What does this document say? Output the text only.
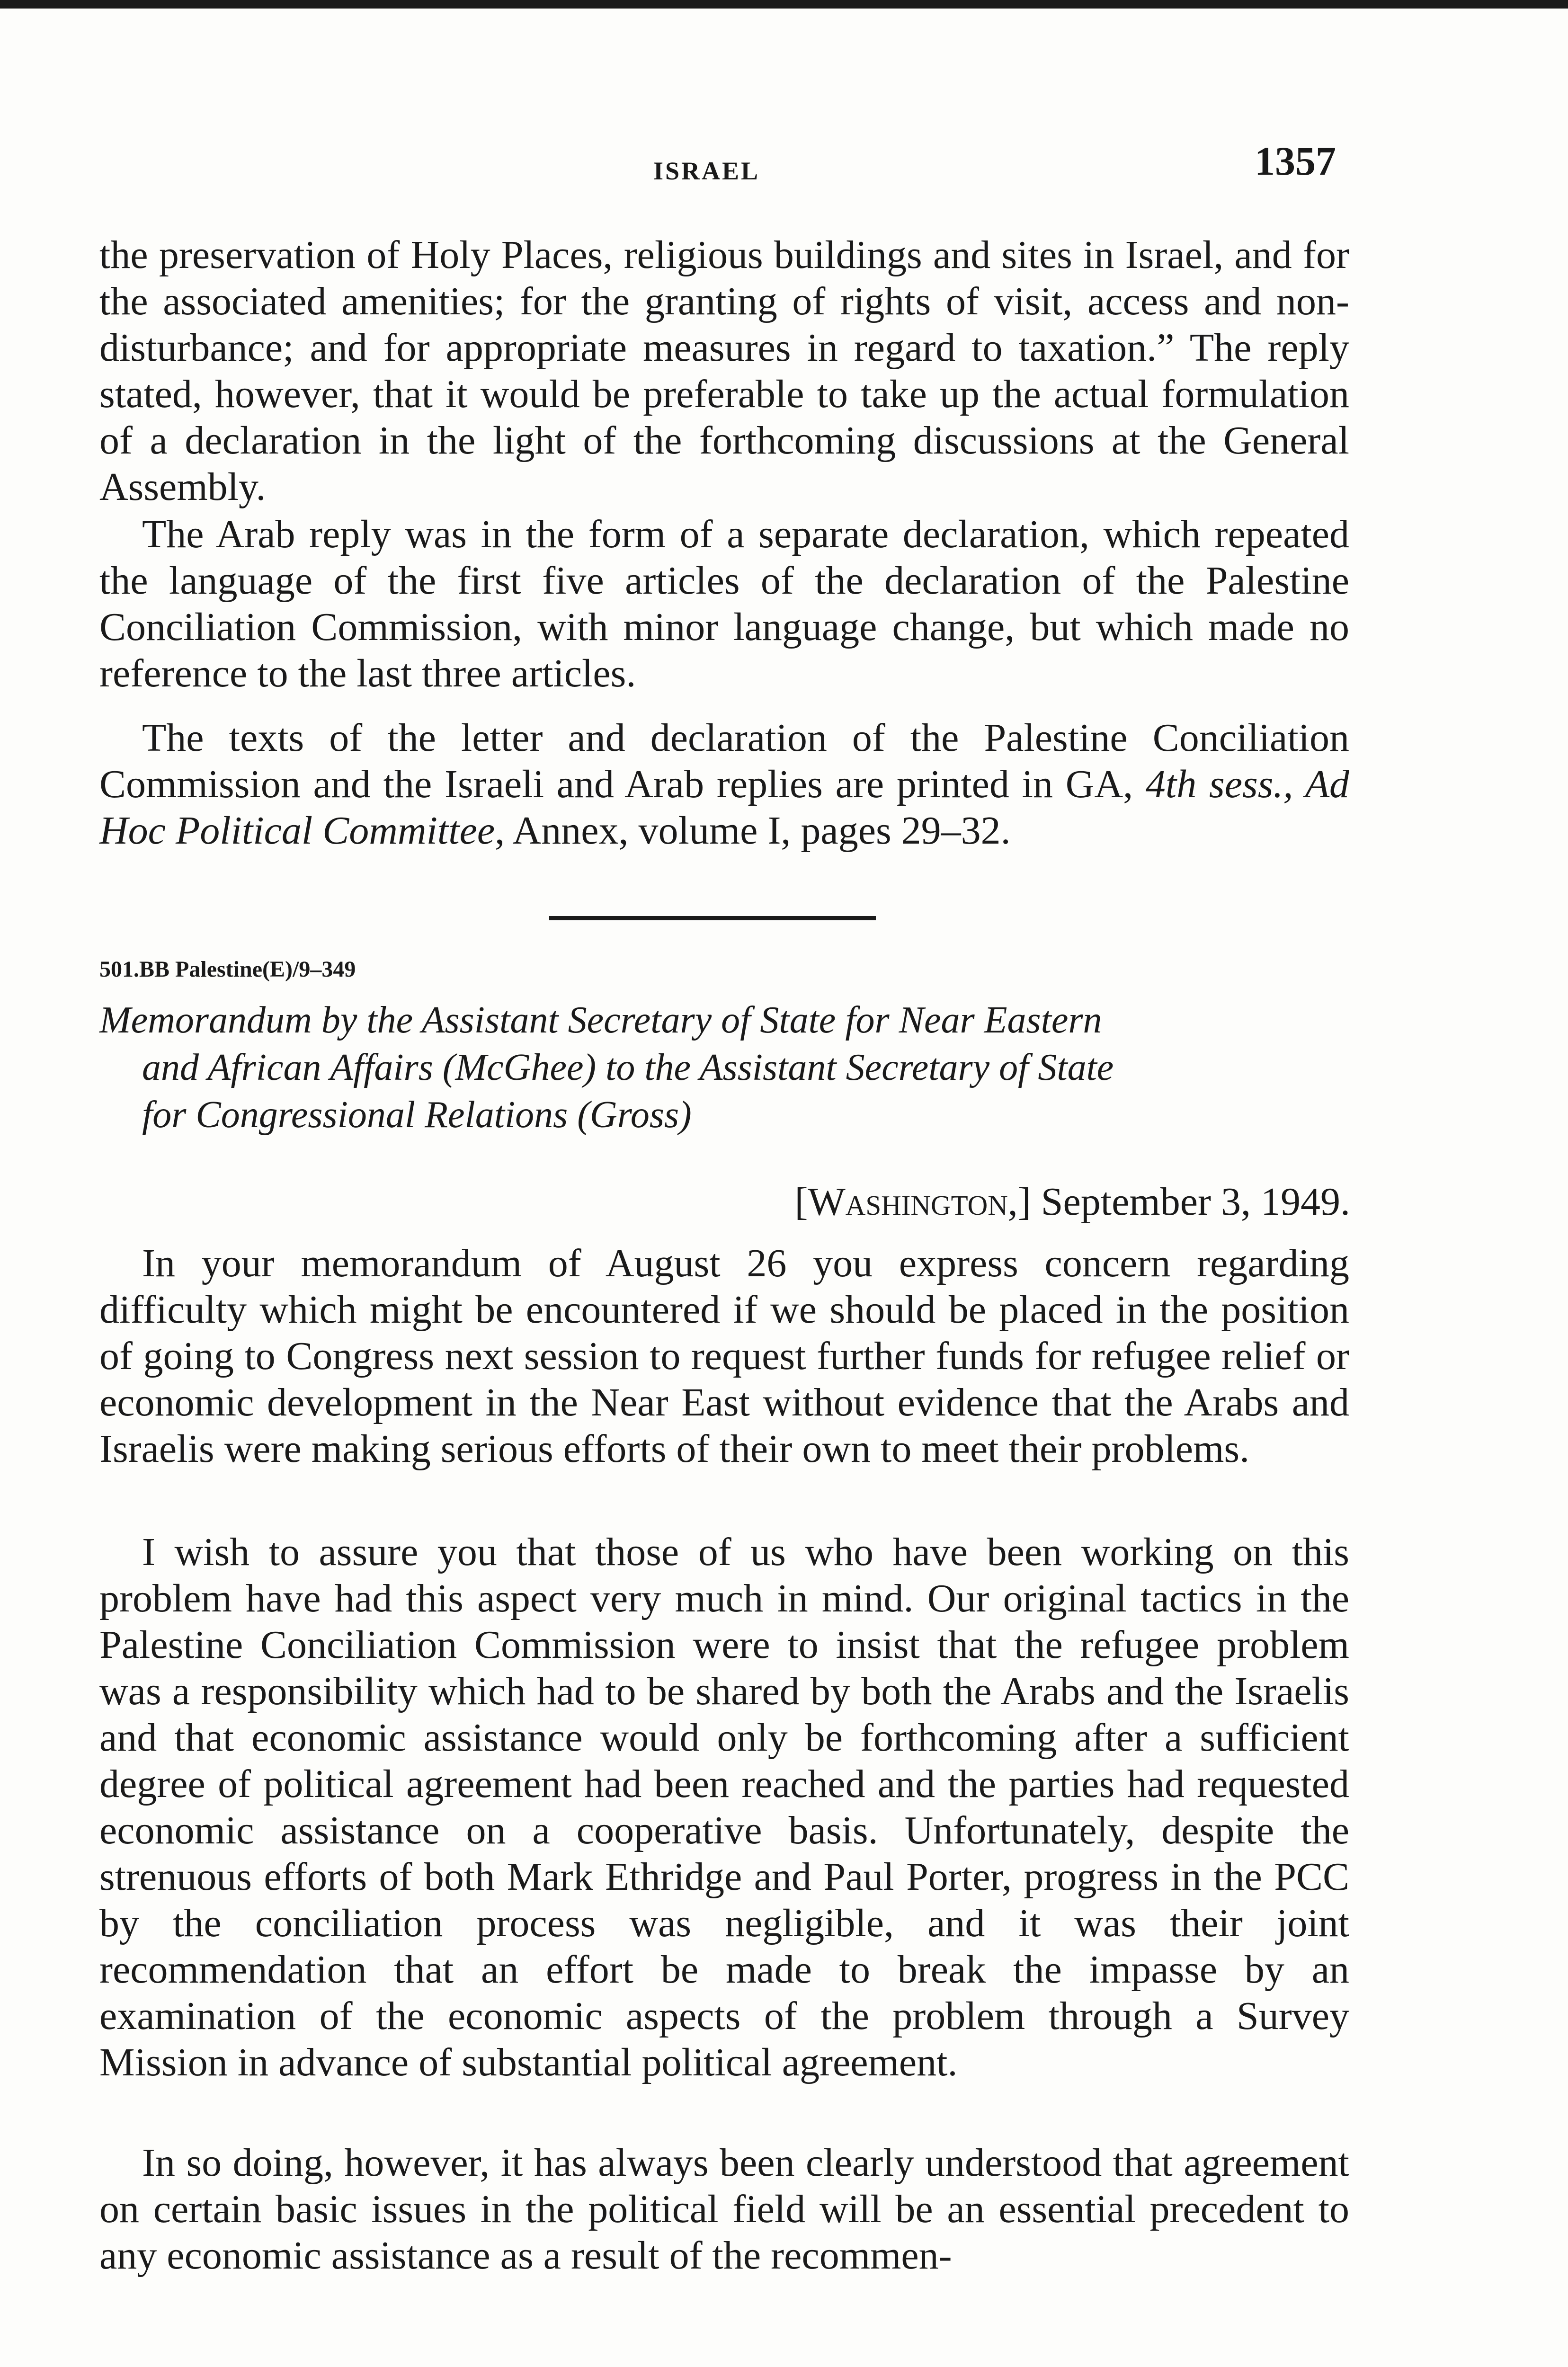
ISRAEL	1357

the preservation of Holy Places, religious buildings and sites in Israel, and for the associated amenities; for the granting of rights of visit, access and non-disturbance; and for appropriate measures in regard to taxation.” The reply stated, however, that it would be preferable to take up the actual formulation of a declaration in the light of the forthcoming discussions at the General Assembly.

The Arab reply was in the form of a separate declaration, which repeated the language of the first five articles of the declaration of the Palestine Conciliation Commission, with minor language change, but which made no reference to the last three articles.

The texts of the letter and declaration of the Palestine Conciliation Commission and the Israeli and Arab replies are printed in GA, 4th sess., Ad Hoc Political Committee, Annex, volume I, pages 29–32.

501.BB Palestine(E)/9–349
Memorandum by the Assistant Secretary of State for Near Eastern
and African Affairs (McGhee) to the Assistant Secretary of State
for Congressional Relations (Gross)
[Washington,] September 3, 1949.

In your memorandum of August 26 you express concern regarding difficulty which might be encountered if we should be placed in the position of going to Congress next session to request further funds for refugee relief or economic development in the Near East without evidence that the Arabs and Israelis were making serious efforts of their own to meet their problems.

I wish to assure you that those of us who have been working on this problem have had this aspect very much in mind. Our original tactics in the Palestine Conciliation Commission were to insist that the refugee problem was a responsibility which had to be shared by both the Arabs and the Israelis and that economic assistance would only be forthcoming after a sufficient degree of political agreement had been reached and the parties had requested economic assistance on a cooperative basis. Unfortunately, despite the strenuous efforts of both Mark Ethridge and Paul Porter, progress in the PCC by the conciliation process was negligible, and it was their joint recommendation that an effort be made to break the impasse by an examination of the economic aspects of the problem through a Survey Mission in advance of substantial political agreement.

In so doing, however, it has always been clearly understood that agreement on certain basic issues in the political field will be an essential precedent to any economic assistance as a result of the recommen-
